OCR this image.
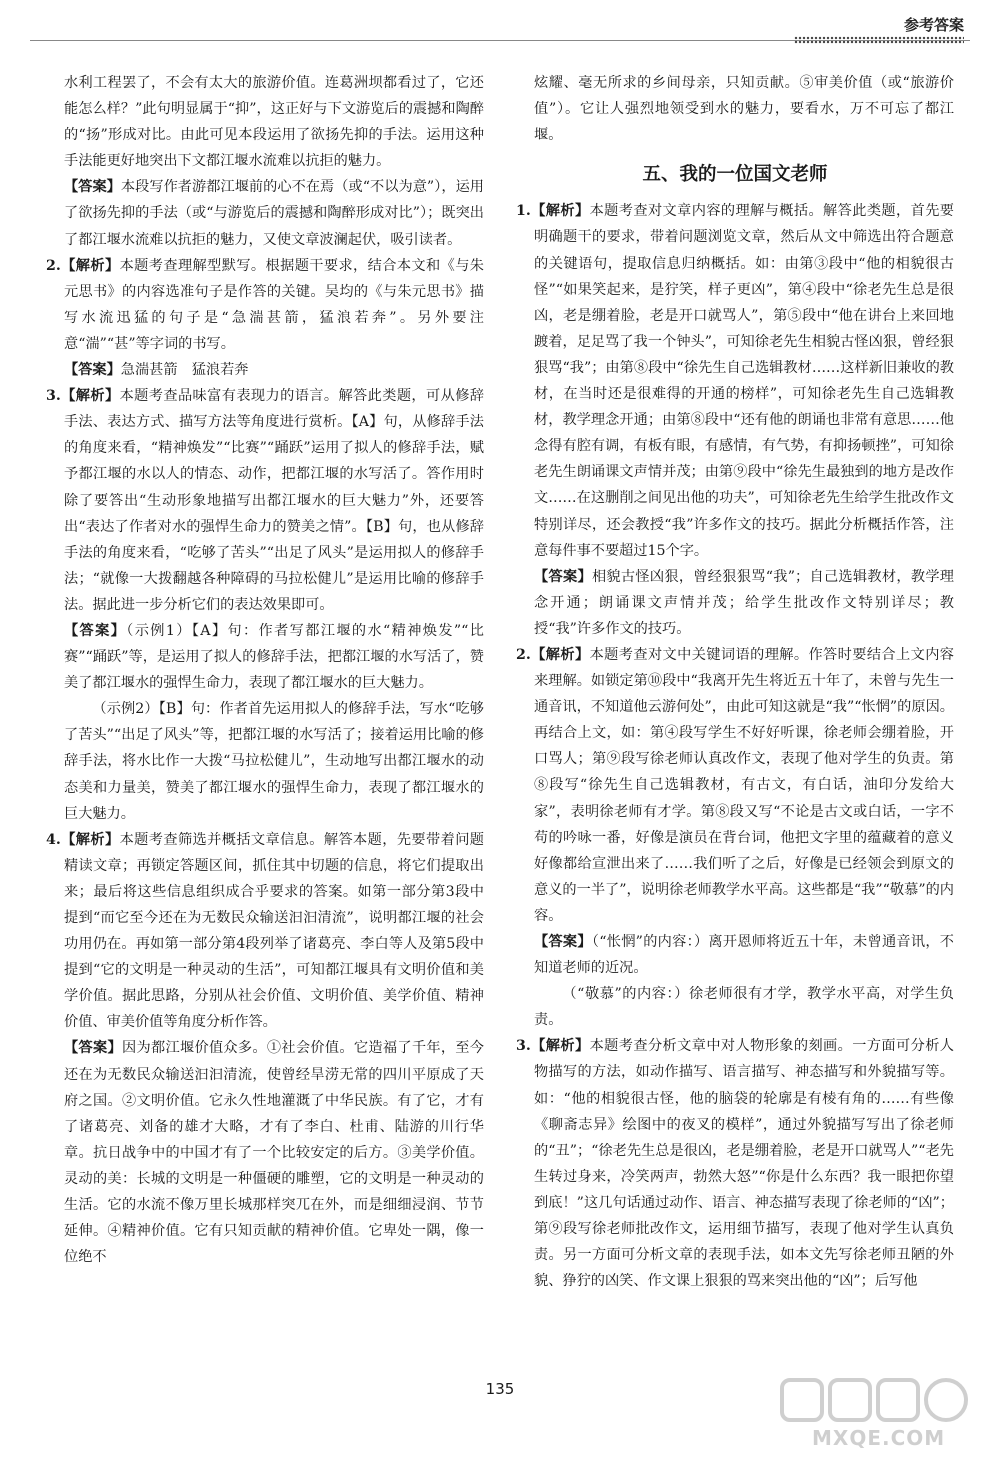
参考答案

水利工程罢了，不会有太大的旅游价值。连葛洲坝都看过了，它还能怎么样？”此句明显属于“抑”，这正好与下文游览后的震撼和陶醉的“扬”形成对比。由此可见本段运用了欲扬先抑的手法。运用这种手法能更好地突出下文都江堰水流难以抗拒的魅力。

【答案】本段写作者游都江堰前的心不在焉（或“不以为意”），运用了欲扬先抑的手法（或“与游览后的震撼和陶醉形成对比”）；既突出了都江堰水流难以抗拒的魅力，又使文章波澜起伏，吸引读者。

2.【解析】本题考查理解型默写。根据题干要求，结合本文和《与朱元思书》的内容选准句子是作答的关键。吴均的《与朱元思书》描写水流迅猛的句子是“急湍甚箭，猛浪若奔”。另外要注意“湍”“甚”等字词的书写。

【答案】急湍甚箭　猛浪若奔

3.【解析】本题考查品味富有表现力的语言。解答此类题，可从修辞手法、表达方式、描写方法等角度进行赏析。【A】句，从修辞手法的角度来看，“精神焕发”“比赛”“踊跃”运用了拟人的修辞手法，赋予都江堰的水以人的情态、动作，把都江堰的水写活了。答作用时除了要答出“生动形象地描写出都江堰水的巨大魅力”外，还要答出“表达了作者对水的强悍生命力的赞美之情”。【B】句，也从修辞手法的角度来看，“吃够了苦头”“出足了风头”是运用拟人的修辞手法；“就像一大拨翻越各种障碍的马拉松健儿”是运用比喻的修辞手法。据此进一步分析它们的表达效果即可。

【答案】（示例1）【A】句：作者写都江堰的水“精神焕发”“比赛”“踊跃”等，是运用了拟人的修辞手法，把都江堰的水写活了，赞美了都江堰水的强悍生命力，表现了都江堰水的巨大魅力。

（示例2）【B】句：作者首先运用拟人的修辞手法，写水“吃够了苦头”“出足了风头”等，把都江堰的水写活了；接着运用比喻的修辞手法，将水比作一大拨“马拉松健儿”，生动地写出都江堰水的动态美和力量美，赞美了都江堰水的强悍生命力，表现了都江堰水的巨大魅力。

4.【解析】本题考查筛选并概括文章信息。解答本题，先要带着问题精读文章；再锁定答题区间，抓住其中切题的信息，将它们提取出来；最后将这些信息组织成合乎要求的答案。如第一部分第3段中提到“而它至今还在为无数民众输送汩汩清流”，说明都江堰的社会功用仍在。再如第一部分第4段列举了诸葛亮、李白等人及第5段中提到“它的文明是一种灵动的生活”，可知都江堰具有文明价值和美学价值。据此思路，分别从社会价值、文明价值、美学价值、精神价值、审美价值等角度分析作答。

【答案】因为都江堰价值众多。①社会价值。它造福了千年，至今还在为无数民众输送汩汩清流，使曾经旱涝无常的四川平原成了天府之国。②文明价值。它永久性地灌溉了中华民族。有了它，才有了诸葛亮、刘备的雄才大略，才有了李白、杜甫、陆游的川行华章。抗日战争中的中国才有了一个比较安定的后方。③美学价值。灵动的美：长城的文明是一种僵硬的雕塑，它的文明是一种灵动的生活。它的水流不像万里长城那样突兀在外，而是细细浸润、节节延伸。④精神价值。它有只知贡献的精神价值。它卑处一隅，像一位绝不

炫耀、毫无所求的乡间母亲，只知贡献。⑤审美价值（或“旅游价值”）。它让人强烈地领受到水的魅力，要看水，万不可忘了都江堰。

五、我的一位国文老师

1.【解析】本题考查对文章内容的理解与概括。解答此类题，首先要明确题干的要求，带着问题浏览文章，然后从文中筛选出符合题意的关键语句，提取信息归纳概括。如：由第③段中“他的相貌很古怪”“如果笑起来，是狞笑，样子更凶”，第④段中“徐老先生总是很凶，老是绷着脸，老是开口就骂人”，第⑤段中“他在讲台上来回地踱着，足足骂了我一个钟头”，可知徐老先生相貌古怪凶狠，曾经狠狠骂“我”；由第⑧段中“徐先生自己选辑教材……这样新旧兼收的教材，在当时还是很难得的开通的榜样”，可知徐老先生自己选辑教材，教学理念开通；由第⑧段中“还有他的朗诵也非常有意思……他念得有腔有调，有板有眼，有感情，有气势，有抑扬顿挫”，可知徐老先生朗诵课文声情并茂；由第⑨段中“徐先生最独到的地方是改作文……在这删削之间见出他的功夫”，可知徐老先生给学生批改作文特别详尽，还会教授“我”许多作文的技巧。据此分析概括作答，注意每件事不要超过15个字。

【答案】相貌古怪凶狠，曾经狠狠骂“我”；自己选辑教材，教学理念开通；朗诵课文声情并茂；给学生批改作文特别详尽；教授“我”许多作文的技巧。

2.【解析】本题考查对文中关键词语的理解。作答时要结合上文内容来理解。如锁定第⑩段中“我离开先生将近五十年了，未曾与先生一通音讯，不知道他云游何处”，由此可知这就是“我”“怅惘”的原因。再结合上文，如：第④段写学生不好好听课，徐老师会绷着脸，开口骂人；第⑨段写徐老师认真改作文，表现了他对学生的负责。第⑧段写“徐先生自己选辑教材，有古文，有白话，油印分发给大家”，表明徐老师有才学。第⑧段又写“不论是古文或白话，一字不苟的吟咏一番，好像是演员在背台词，他把文字里的蕴藏着的意义好像都给宣泄出来了……我们听了之后，好像是已经领会到原文的意义的一半了”，说明徐老师教学水平高。这些都是“我”“敬慕”的内容。

【答案】（“怅惘”的内容：）离开恩师将近五十年，未曾通音讯，不知道老师的近况。

（“敬慕”的内容：）徐老师很有才学，教学水平高，对学生负责。

3.【解析】本题考查分析文章中对人物形象的刻画。一方面可分析人物描写的方法，如动作描写、语言描写、神态描写和外貌描写等。如：“他的相貌很古怪，他的脑袋的轮廓是有棱有角的……有些像《聊斋志异》绘图中的夜叉的模样”，通过外貌描写写出了徐老师的“丑”；“徐老先生总是很凶，老是绷着脸，老是开口就骂人”“老先生转过身来，冷笑两声，勃然大怒”“你是什么东西？我一眼把你望到底！”这几句话通过动作、语言、神态描写表现了徐老师的“凶”；第⑨段写徐老师批改作文，运用细节描写，表现了他对学生认真负责。另一方面可分析文章的表现手法，如本文先写徐老师丑陋的外貌、狰狞的凶笑、作文课上狠狠的骂来突出他的“凶”；后写他

135
MXQE.COM
